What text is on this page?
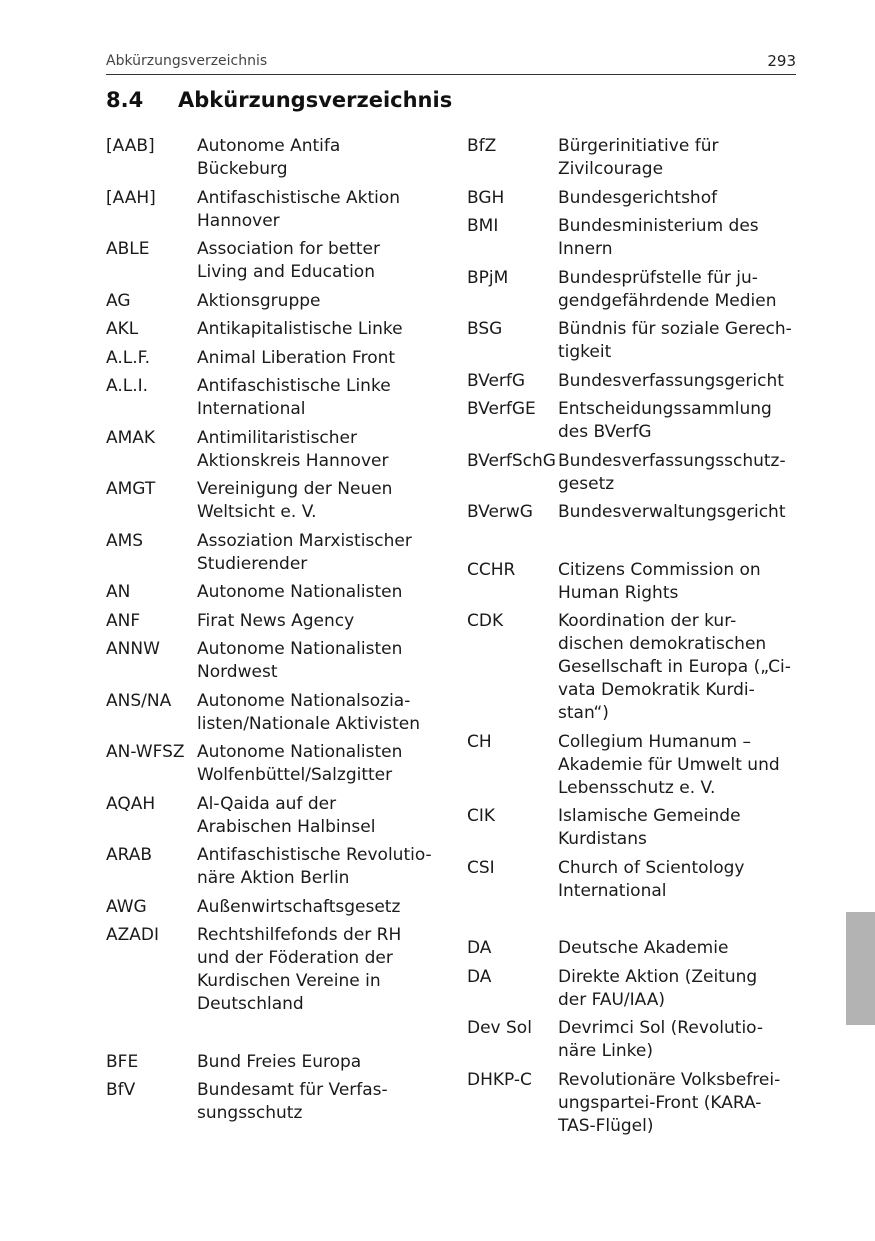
Abkürzungsverzeichnis	293
8.4 Abkürzungsverzeichnis
[AAB]	Autonome Antifa
Bückeburg
[AAH]	Antifaschistische Aktion
Hannover
ABLE	Association for better
Living and Education
AG	Aktionsgruppe
AKL	Antikapitalistische Linke
A.L.F.	Animal Liberation Front
A.L.I.	Antifaschistische Linke
International
AMAK	Antimilitaristischer
Aktionskreis Hannover
AMGT	Vereinigung der Neuen
Weltsicht e. V.
AMS	Assoziation Marxistischer
Studierender
AN	Autonome Nationalisten
ANF	Firat News Agency
ANNW	Autonome Nationalisten
Nordwest
ANS/NA	Autonome Nationalsozia-
listen/Nationale Aktivisten
AN-WFSZ Autonome Nationalisten
Wolfenbüttel/Salzgitter
AQAH	Al-Qaida auf der
Arabischen Halbinsel
ARAB	Antifaschistische Revolutio-
näre Aktion Berlin
AWG	Außenwirtschaftsgesetz
AZADI	Rechtshilfefonds der RH
und der Föderation der
Kurdischen Vereine in
Deutschland
BFE	Bund Freies Europa
BfV	Bundesamt für Verfas-
sungsschutz
BfZ	Bürgerinitiative für
Zivilcourage
BGH	Bundesgerichtshof
BMI	Bundesministerium des
Innern
BPjM	Bundesprüfstelle für ju-
gendgefährdende Medien
BSG	Bündnis für soziale Gerech-
tigkeit
BVerfG	Bundesverfassungsgericht
BVerfGE	Entscheidungssammlung
des BVerfG
BVerfSchG Bundesverfassungsschutz-
gesetz
BVerwG	Bundesverwaltungsgericht
CCHR	Citizens Commission on
Human Rights
CDK	Koordination der kur-
dischen demokratischen
Gesellschaft in Europa („Ci-
vata Demokratik Kurdi-
stan“)
CH	Collegium Humanum –
Akademie für Umwelt und
Lebensschutz e. V.
CIK	Islamische Gemeinde
Kurdistans
CSI	Church of Scientology
International
DA	Deutsche Akademie
DA	Direkte Aktion (Zeitung
der FAU/IAA)
Dev Sol	Devrimci Sol (Revolutio-
näre Linke)
DHKP-C	Revolutionäre Volksbefrei-
ungspartei-Front (KARA-
TAS-Flügel)
